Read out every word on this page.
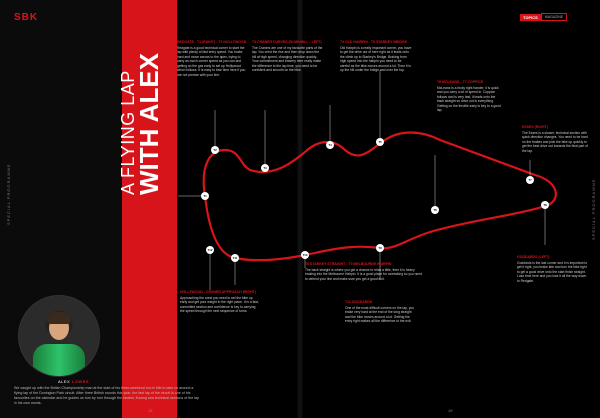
SBK
SPECIAL PROGRAMME	SPECIAL PROGRAMME
A FLYING LAP
WITH ALEX
ALEX LOWES
We caught up with the British Championship man at the start of his three-weekend run-in title to take us around a flying lap of the Donington Park circuit. After three British rounds this year, the fast lap of the circuit is one of his favourites on the calendar and he guides us turn by turn through the fastest, flowing and technical sections of the lap in his own words.
18	19
TOPICS	MAGAZINE
T1
T2
T3
T4
T5
T6
T7
T8
T9
T10
T11
T12
REDGATE - T1 (RIGHT) - T2 HOLLYWOOD
Redgate is a good technical corner to start the lap with plenty of fast entry speed. You brake hard and move across to the apex, trying to carry as much corner speed as you can and getting on the gas early to set up Hollywood which follows. It is easy to lose time here if you are not precise with your line.
T3 CRANER CURVES (DOWNHILL - LEFT)
The Craners are one of my favourite parts of the lap. You crest the rise and then drop down the hill at high speed, changing direction quickly. Your commitment and bravery here really make the difference to the lap time, you need to be confident and smooth on the bike.
T4 OLD HAIRPIN - T5 STARKEY BRIDGE
Old Hairpin is a really important corner, you have to get the drive out of here right as it leads onto the climb up to Starkey's Bridge. Braking from high speed into the hairpin you need to be careful as the bike moves around a lot. Then it is up the hill under the bridge and over the top.
T6 MCLEANS - T7 COPPICE
McLeans is a tricky right hander, it is quick and you carry a lot of speed in. Coppice follows and is very fast, it leads onto the back straight so drive out is everything. Getting on the throttle early is key to a good lap.
ESSES (RIGHT)
The Esses is a slower, technical section with quick direction changes. You need to be hard on the brakes and pick the bike up quickly to get the best drive out towards the final part of the lap.
T8 STARKEY STRAIGHT - T9 MELBOURNE HAIRPIN
The back straight is where you get a chance to relax a little, then it is heavy braking into the Melbourne Hairpin. It is a good place for overtaking so you need to defend your line and make sure you get a good exit.
GODDARDS (LEFT)
Goddards is the last corner and it is important to get it right, you brake late and turn the bike tight to get a good drive onto the start finish straight. Lose time here and you lose it all the way down to Redgate.
T11 GODDARDS
One of the most difficult corners on the lap, you brake very hard at the end of the long straight and the bike moves around a lot. Getting the entry right makes all the difference to the exit.
HOLLYWOOD - CRANER APPROACH (RIGHT)
Approaching the crest you need to set the bike up early and get your weight in the right place. It is a fast, committed section and confidence is key to carrying the speed through the next sequence of turns.
